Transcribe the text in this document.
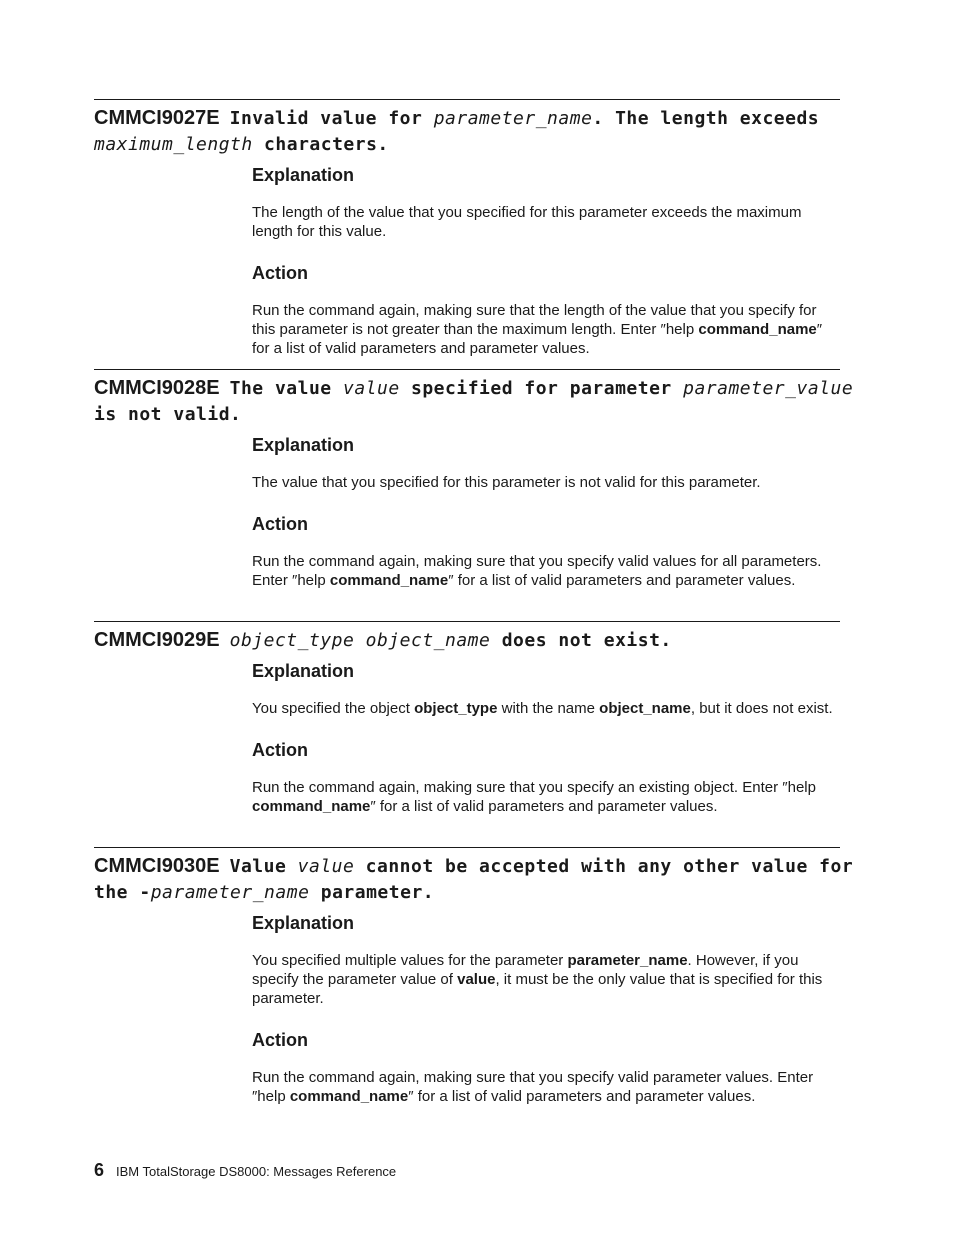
CMMCI9027E Invalid value for parameter_name. The length exceeds
maximum_length characters.
Explanation

The length of the value that you specified for this parameter exceeds the maximum length for this value.

Action

Run the command again, making sure that the length of the value that you specify for this parameter is not greater than the maximum length. Enter ″help command_name″ for a list of valid parameters and parameter values.

CMMCI9028E The value value specified for parameter parameter_value
is not valid.
Explanation

The value that you specified for this parameter is not valid for this parameter.

Action

Run the command again, making sure that you specify valid values for all parameters. Enter ″help command_name″ for a list of valid parameters and parameter values.

CMMCI9029E object_type object_name does not exist.
Explanation

You specified the object object_type with the name object_name, but it does not exist.

Action

Run the command again, making sure that you specify an existing object. Enter ″help command_name″ for a list of valid parameters and parameter values.

CMMCI9030E Value value cannot be accepted with any other value for
the -parameter_name parameter.
Explanation

You specified multiple values for the parameter parameter_name. However, if you specify the parameter value of value, it must be the only value that is specified for this parameter.

Action

Run the command again, making sure that you specify valid parameter values. Enter ″help command_name″ for a list of valid parameters and parameter values.

6 IBM TotalStorage DS8000: Messages Reference
